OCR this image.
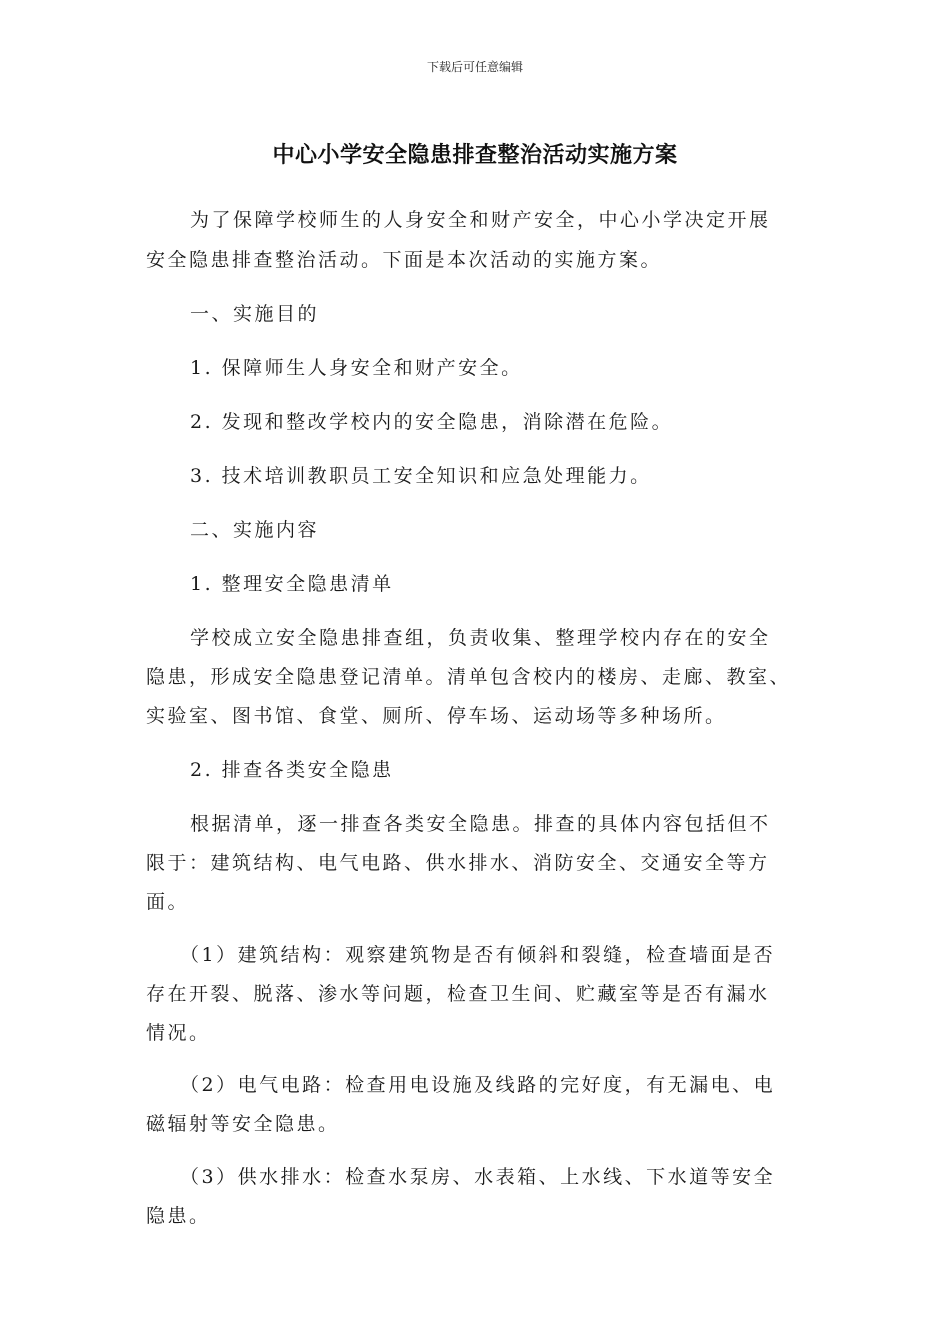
下载后可任意编辑
中心小学安全隐患排查整治活动实施方案
为了保障学校师生的人身安全和财产安全，中心小学决定开展
安全隐患排查整治活动。下面是本次活动的实施方案。
一、实施目的
1. 保障师生人身安全和财产安全。
2. 发现和整改学校内的安全隐患，消除潜在危险。
3. 技术培训教职员工安全知识和应急处理能力。
二、实施内容
1. 整理安全隐患清单
学校成立安全隐患排查组，负责收集、整理学校内存在的安全
隐患，形成安全隐患登记清单。清单包含校内的楼房、走廊、教室、
实验室、图书馆、食堂、厕所、停车场、运动场等多种场所。
2. 排查各类安全隐患
根据清单，逐一排查各类安全隐患。排查的具体内容包括但不
限于：建筑结构、电气电路、供水排水、消防安全、交通安全等方
面。
（1）建筑结构：观察建筑物是否有倾斜和裂缝，检查墙面是否
存在开裂、脱落、渗水等问题，检查卫生间、贮藏室等是否有漏水
情况。
（2）电气电路：检查用电设施及线路的完好度，有无漏电、电
磁辐射等安全隐患。
（3）供水排水：检查水泵房、水表箱、上水线、下水道等安全
隐患。
